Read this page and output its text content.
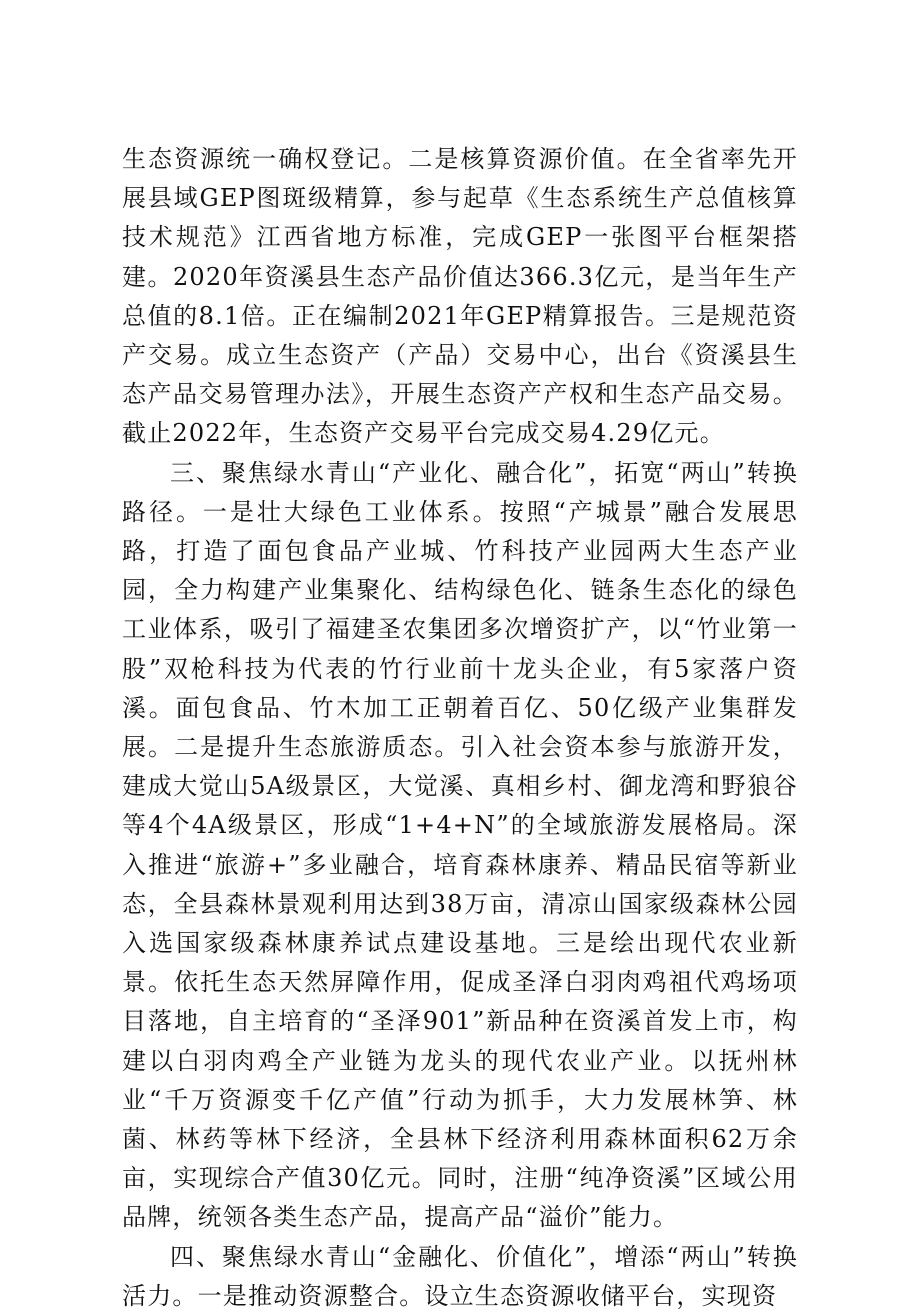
生态资源统一确权登记。二是核算资源价值。在全省率先开展县域GEP图斑级精算，参与起草《生态系统生产总值核算技术规范》江西省地方标准，完成GEP一张图平台框架搭建。2020年资溪县生态产品价值达366.3亿元，是当年生产总值的8.1倍。正在编制2021年GEP精算报告。三是规范资产交易。成立生态资产（产品）交易中心，出台《资溪县生态产品交易管理办法》，开展生态资产产权和生态产品交易。截止2022年，生态资产交易平台完成交易4.29亿元。

三、聚焦绿水青山“产业化、融合化”，拓宽“两山”转换路径。一是壮大绿色工业体系。按照“产城景”融合发展思路，打造了面包食品产业城、竹科技产业园两大生态产业园，全力构建产业集聚化、结构绿色化、链条生态化的绿色工业体系，吸引了福建圣农集团多次增资扩产，以“竹业第一股”双枪科技为代表的竹行业前十龙头企业，有5家落户资溪。面包食品、竹木加工正朝着百亿、50亿级产业集群发展。二是提升生态旅游质态。引入社会资本参与旅游开发，建成大觉山5A级景区，大觉溪、真相乡村、御龙湾和野狼谷等4个4A级景区，形成“1+4+N”的全域旅游发展格局。深入推进“旅游+”多业融合，培育森林康养、精品民宿等新业态，全县森林景观利用达到38万亩，清凉山国家级森林公园入选国家级森林康养试点建设基地。三是绘出现代农业新景。依托生态天然屏障作用，促成圣泽白羽肉鸡祖代鸡场项目落地，自主培育的“圣泽901”新品种在资溪首发上市，构建以白羽肉鸡全产业链为龙头的现代农业产业。以抚州林业“千万资源变千亿产值”行动为抓手，大力发展林笋、林菌、林药等林下经济，全县林下经济利用森林面积62万余亩，实现综合产值30亿元。同时，注册“纯净资溪”区域公用品牌，统领各类生态产品，提高产品“溢价”能力。

四、聚焦绿水青山“金融化、价值化”，增添“两山”转换活力。一是推动资源整合。设立生态资源收储平台，实现资
